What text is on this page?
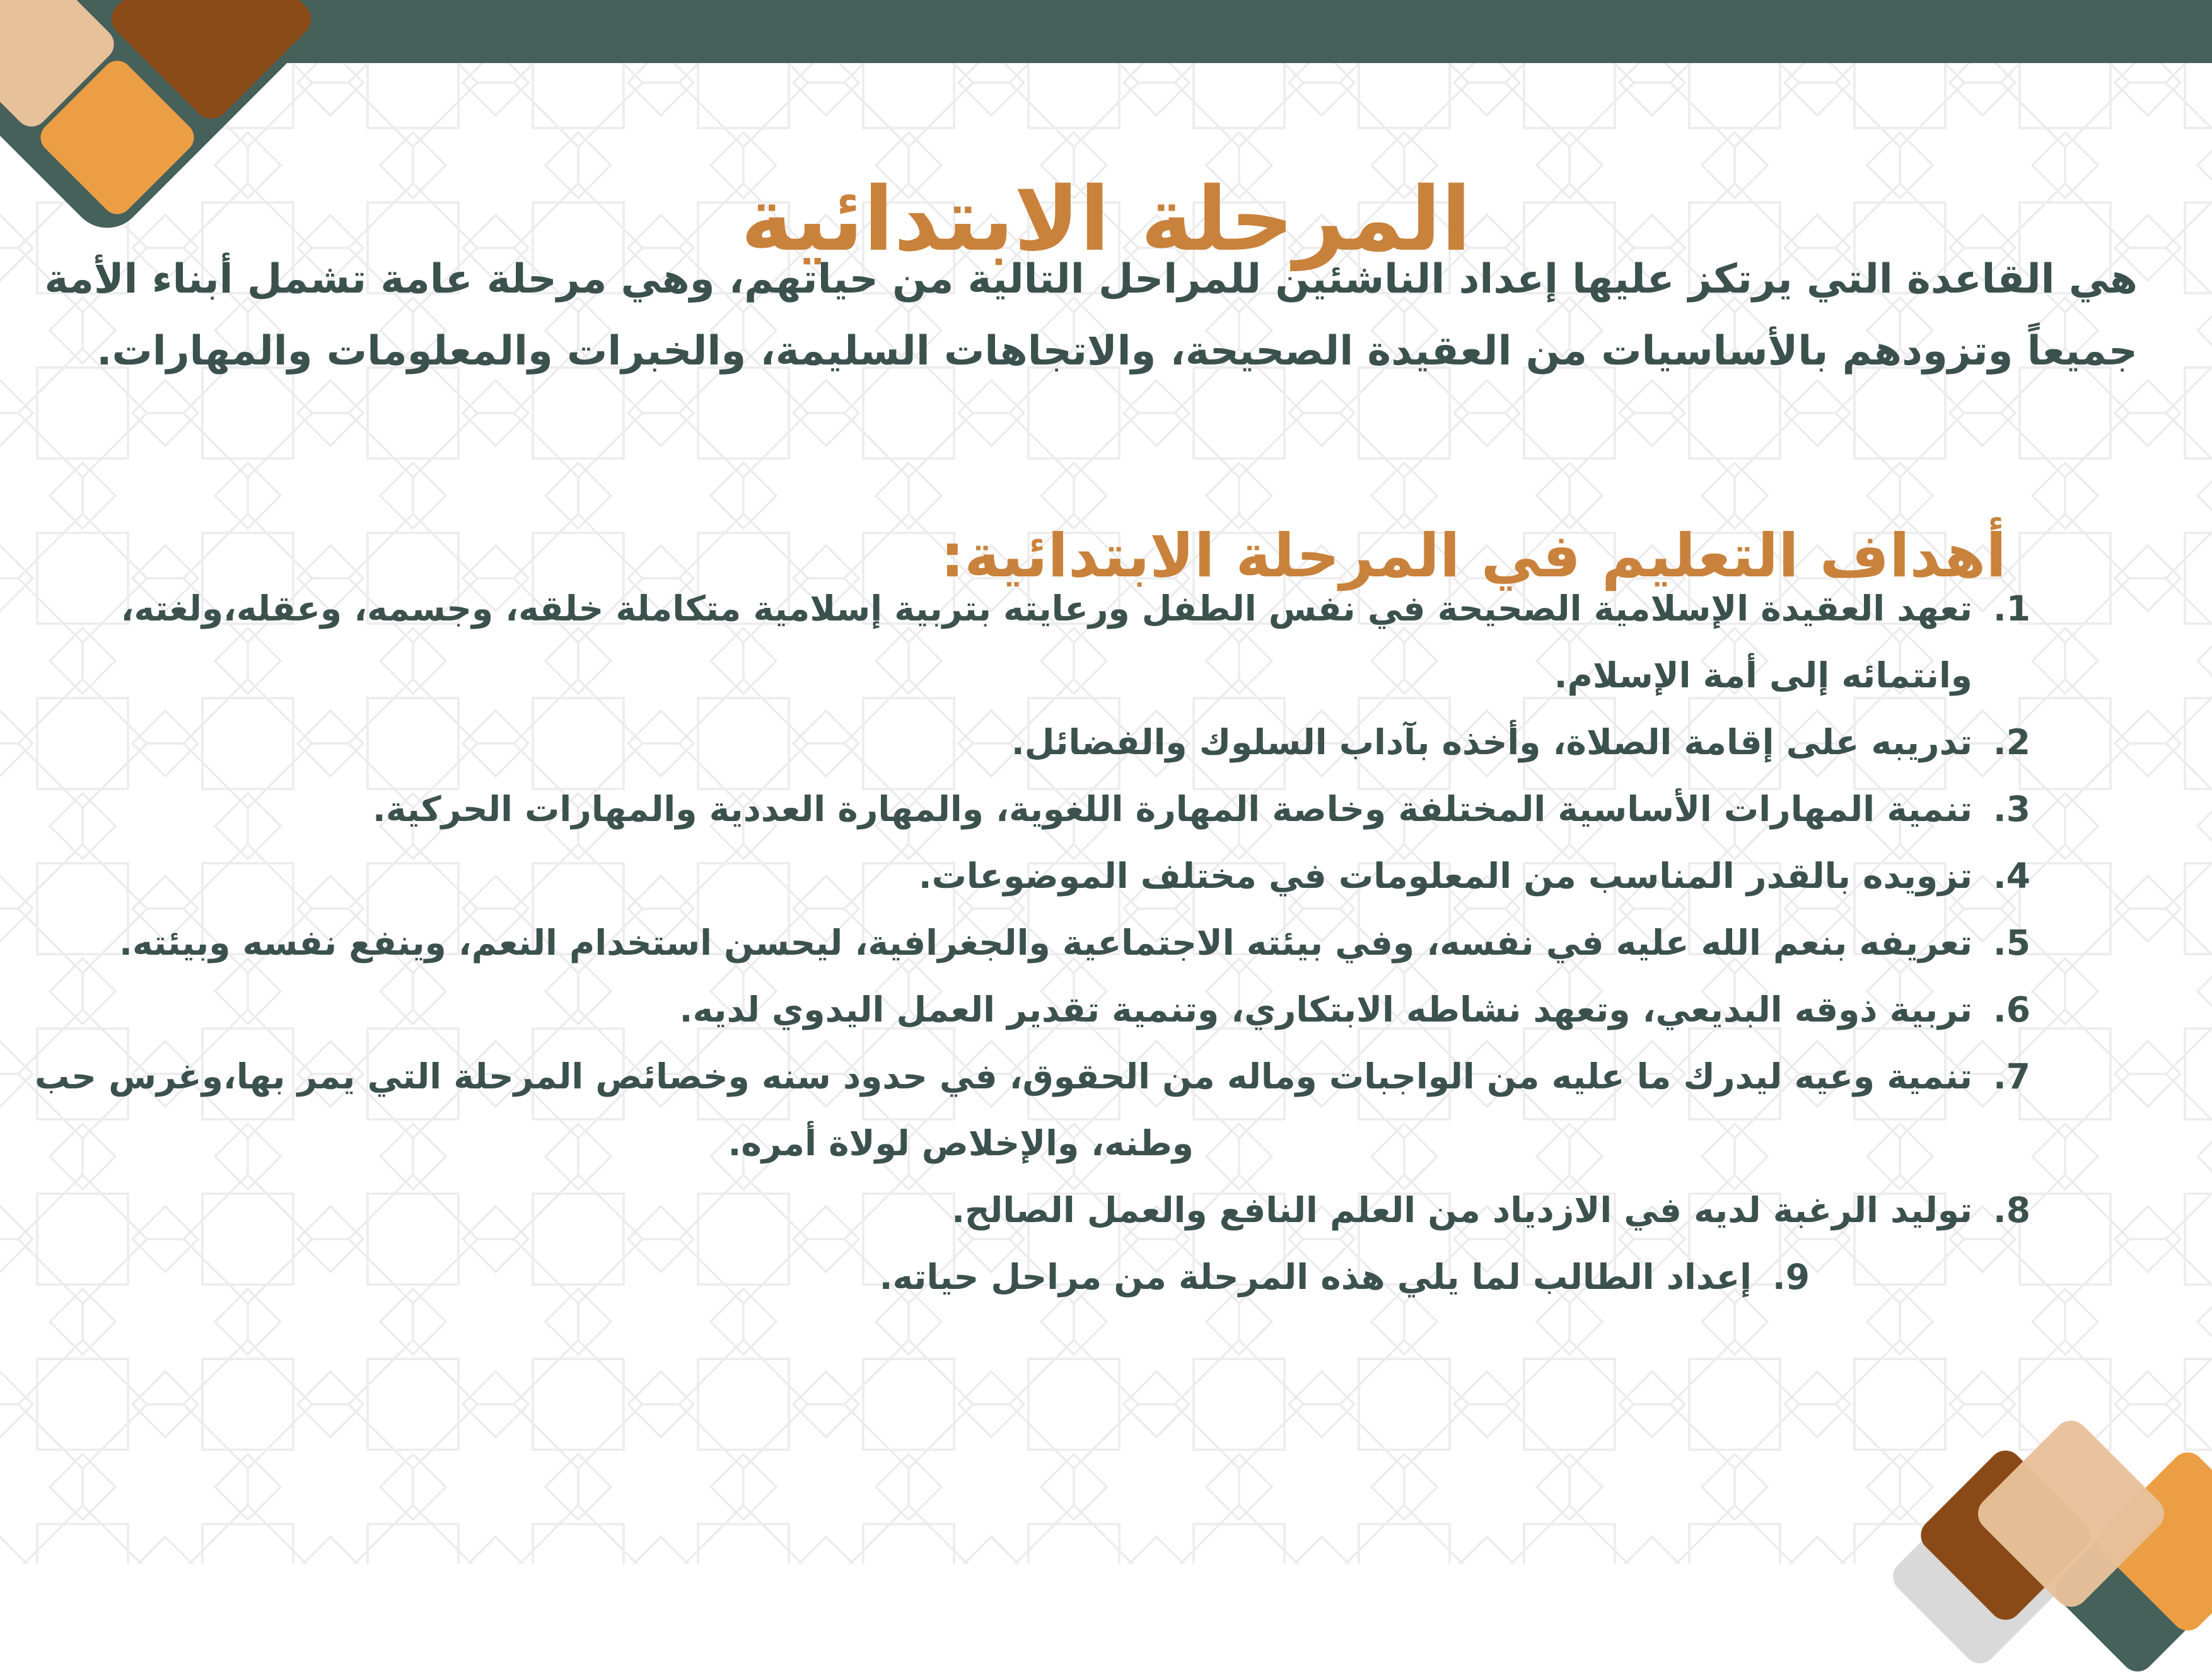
المرحلة الابتدائية
هي القاعدة التي يرتكز عليها إعداد الناشئين للمراحل التالية من حياتهم، وهي مرحلة عامة تشمل أبناء الأمة
جميعاً وتزودهم بالأساسيات من العقيدة الصحيحة، والاتجاهات السليمة، والخبرات والمعلومات والمهارات.
أهداف التعليم في المرحلة الابتدائية:
1.
تعهد العقيدة الإسلامية الصحيحة في نفس الطفل ورعايته بتربية إسلامية متكاملة خلقه، وجسمه، وعقله،ولغته،
وانتمائه إلى أمة الإسلام.
2.
تدريبه على إقامة الصلاة، وأخذه بآداب السلوك والفضائل.
3.
تنمية المهارات الأساسية المختلفة وخاصة المهارة اللغوية، والمهارة العددية والمهارات الحركية.
4.
تزويده بالقدر المناسب من المعلومات في مختلف الموضوعات.
5.
تعريفه بنعم الله عليه في نفسه، وفي بيئته الاجتماعية والجغرافية، ليحسن استخدام النعم، وينفع نفسه وبيئته.
6.
تربية ذوقه البديعي، وتعهد نشاطه الابتكاري، وتنمية تقدير العمل اليدوي لديه.
7.
تنمية وعيه ليدرك ما عليه من الواجبات وماله من الحقوق، في حدود سنه وخصائص المرحلة التي يمر بها،وغرس حب
وطنه، والإخلاص لولاة أمره.
8.
توليد الرغبة لديه في الازدياد من العلم النافع والعمل الصالح.
9.
إعداد الطالب لما يلي هذه المرحلة من مراحل حياته.
